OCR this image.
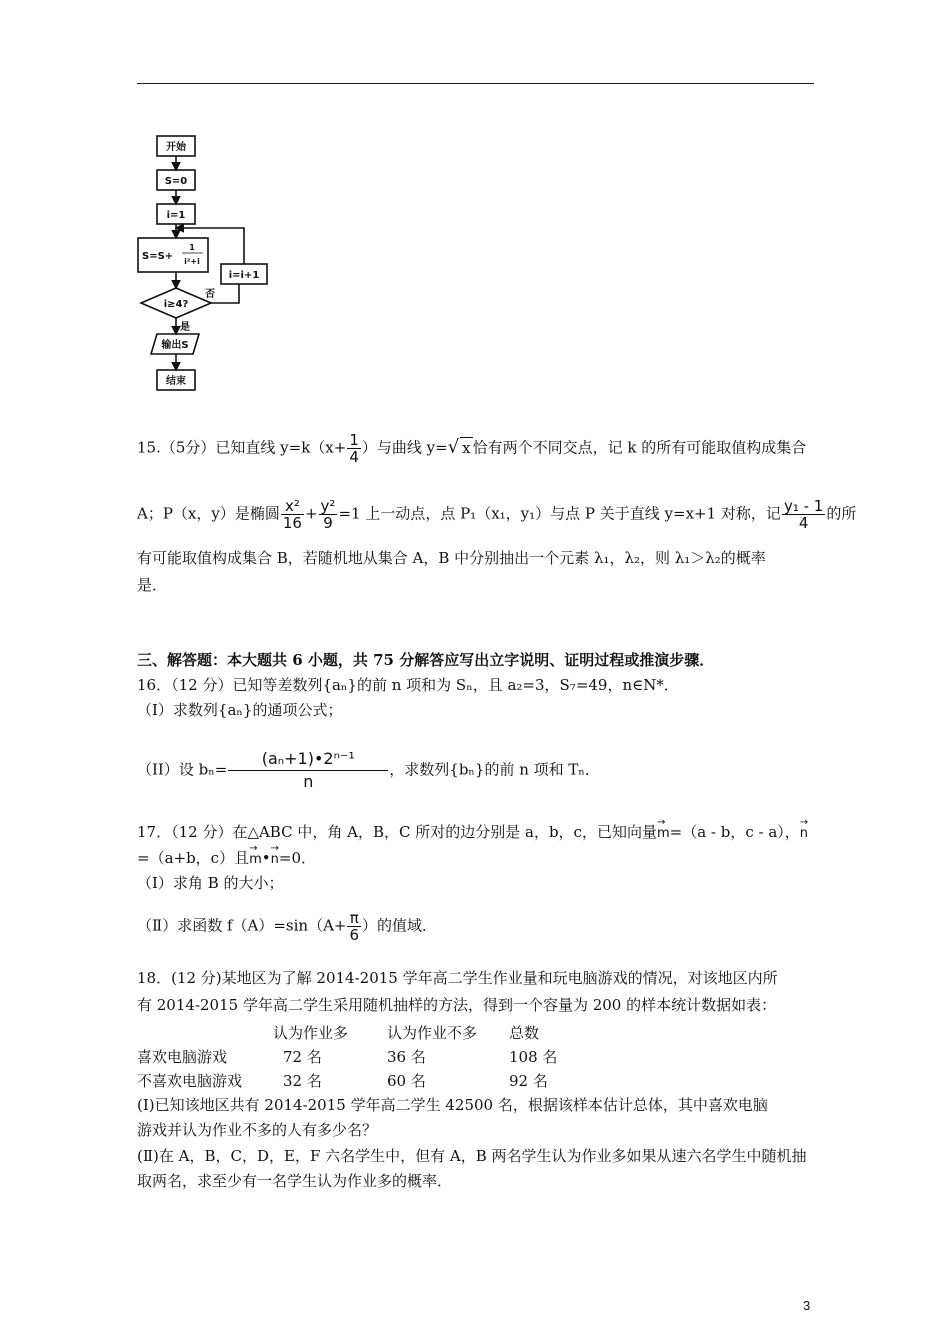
开始
S=0
i=1
S=S+
1
i²+i
i≥4?
否
是
输出S
结束
i=i+1
15.（5分）已知直线 $y=k(x+ \frac{1}{4}$ ）与曲线 y=√ x 恰有两个不同交点，记 k 的所有可能取值构成集合
A；P（x，y）是椭圆 $\frac{\text{x²}}{16} + \frac{\text{y²}}{9} =1$ 上一动点，点 P₁（x₁，y₁）与点 P 关于直线 y=x+1 对称，记 $\frac{\text{y₁ - 1}}{4}$ 的所
有可能取值构成集合 B，若随机地从集合 A，B 中分别抽出一个元素 λ₁，λ₂，则 λ₁＞λ₂的概率
是．
三、解答题：本大题共 6 小题，共 75 分解答应写出立字说明、证明过程或推演步骤．
16．（12 分）已知等差数列{aₙ}的前 n 项和为 Sₙ，且 a₂=3，S₇=49，n∈N*．
（I）求数列{aₙ}的通项公式；
（II）设 $b_n= \frac{\text{(aₙ+1)•2ⁿ⁻¹}}{n}$ ，求数列{bₙ}的前 n 项和 Tₙ．
17．（12 分）在△ABC 中，角 A，B，C 所对的边分别是 a，b，c，已知向量→ m=（a - b，c - a），→ n
=（a+b，c）且→ m•→ n=0．
（Ⅰ）求角 B 的大小；
（Ⅱ）求函数 $f(A)=\sin(A+ \frac{\pi}{6}$ ）的值域．
18．(12 分)某地区为了解 2014-2015 学年高二学生作业量和玩电脑游戏的情况，对该地区内所
有 2014-2015 学年高二学生采用随机抽样的方法，得到一个容量为 200 的样本统计数据如表：
	认为作业多	认为作业不多	总数
喜欢电脑游戏	72 名	36 名	108 名
不喜欢电脑游戏	32 名	60 名	92 名
(I)已知该地区共有 2014-2015 学年高二学生 42500 名，根据该样本估计总体，其中喜欢电脑
游戏并认为作业不多的人有多少名？
(Ⅱ)在 A，B，C，D，E，F 六名学生中，但有 A，B 两名学生认为作业多如果从速六名学生中随机抽
取两名，求至少有一名学生认为作业多的概率．
3
